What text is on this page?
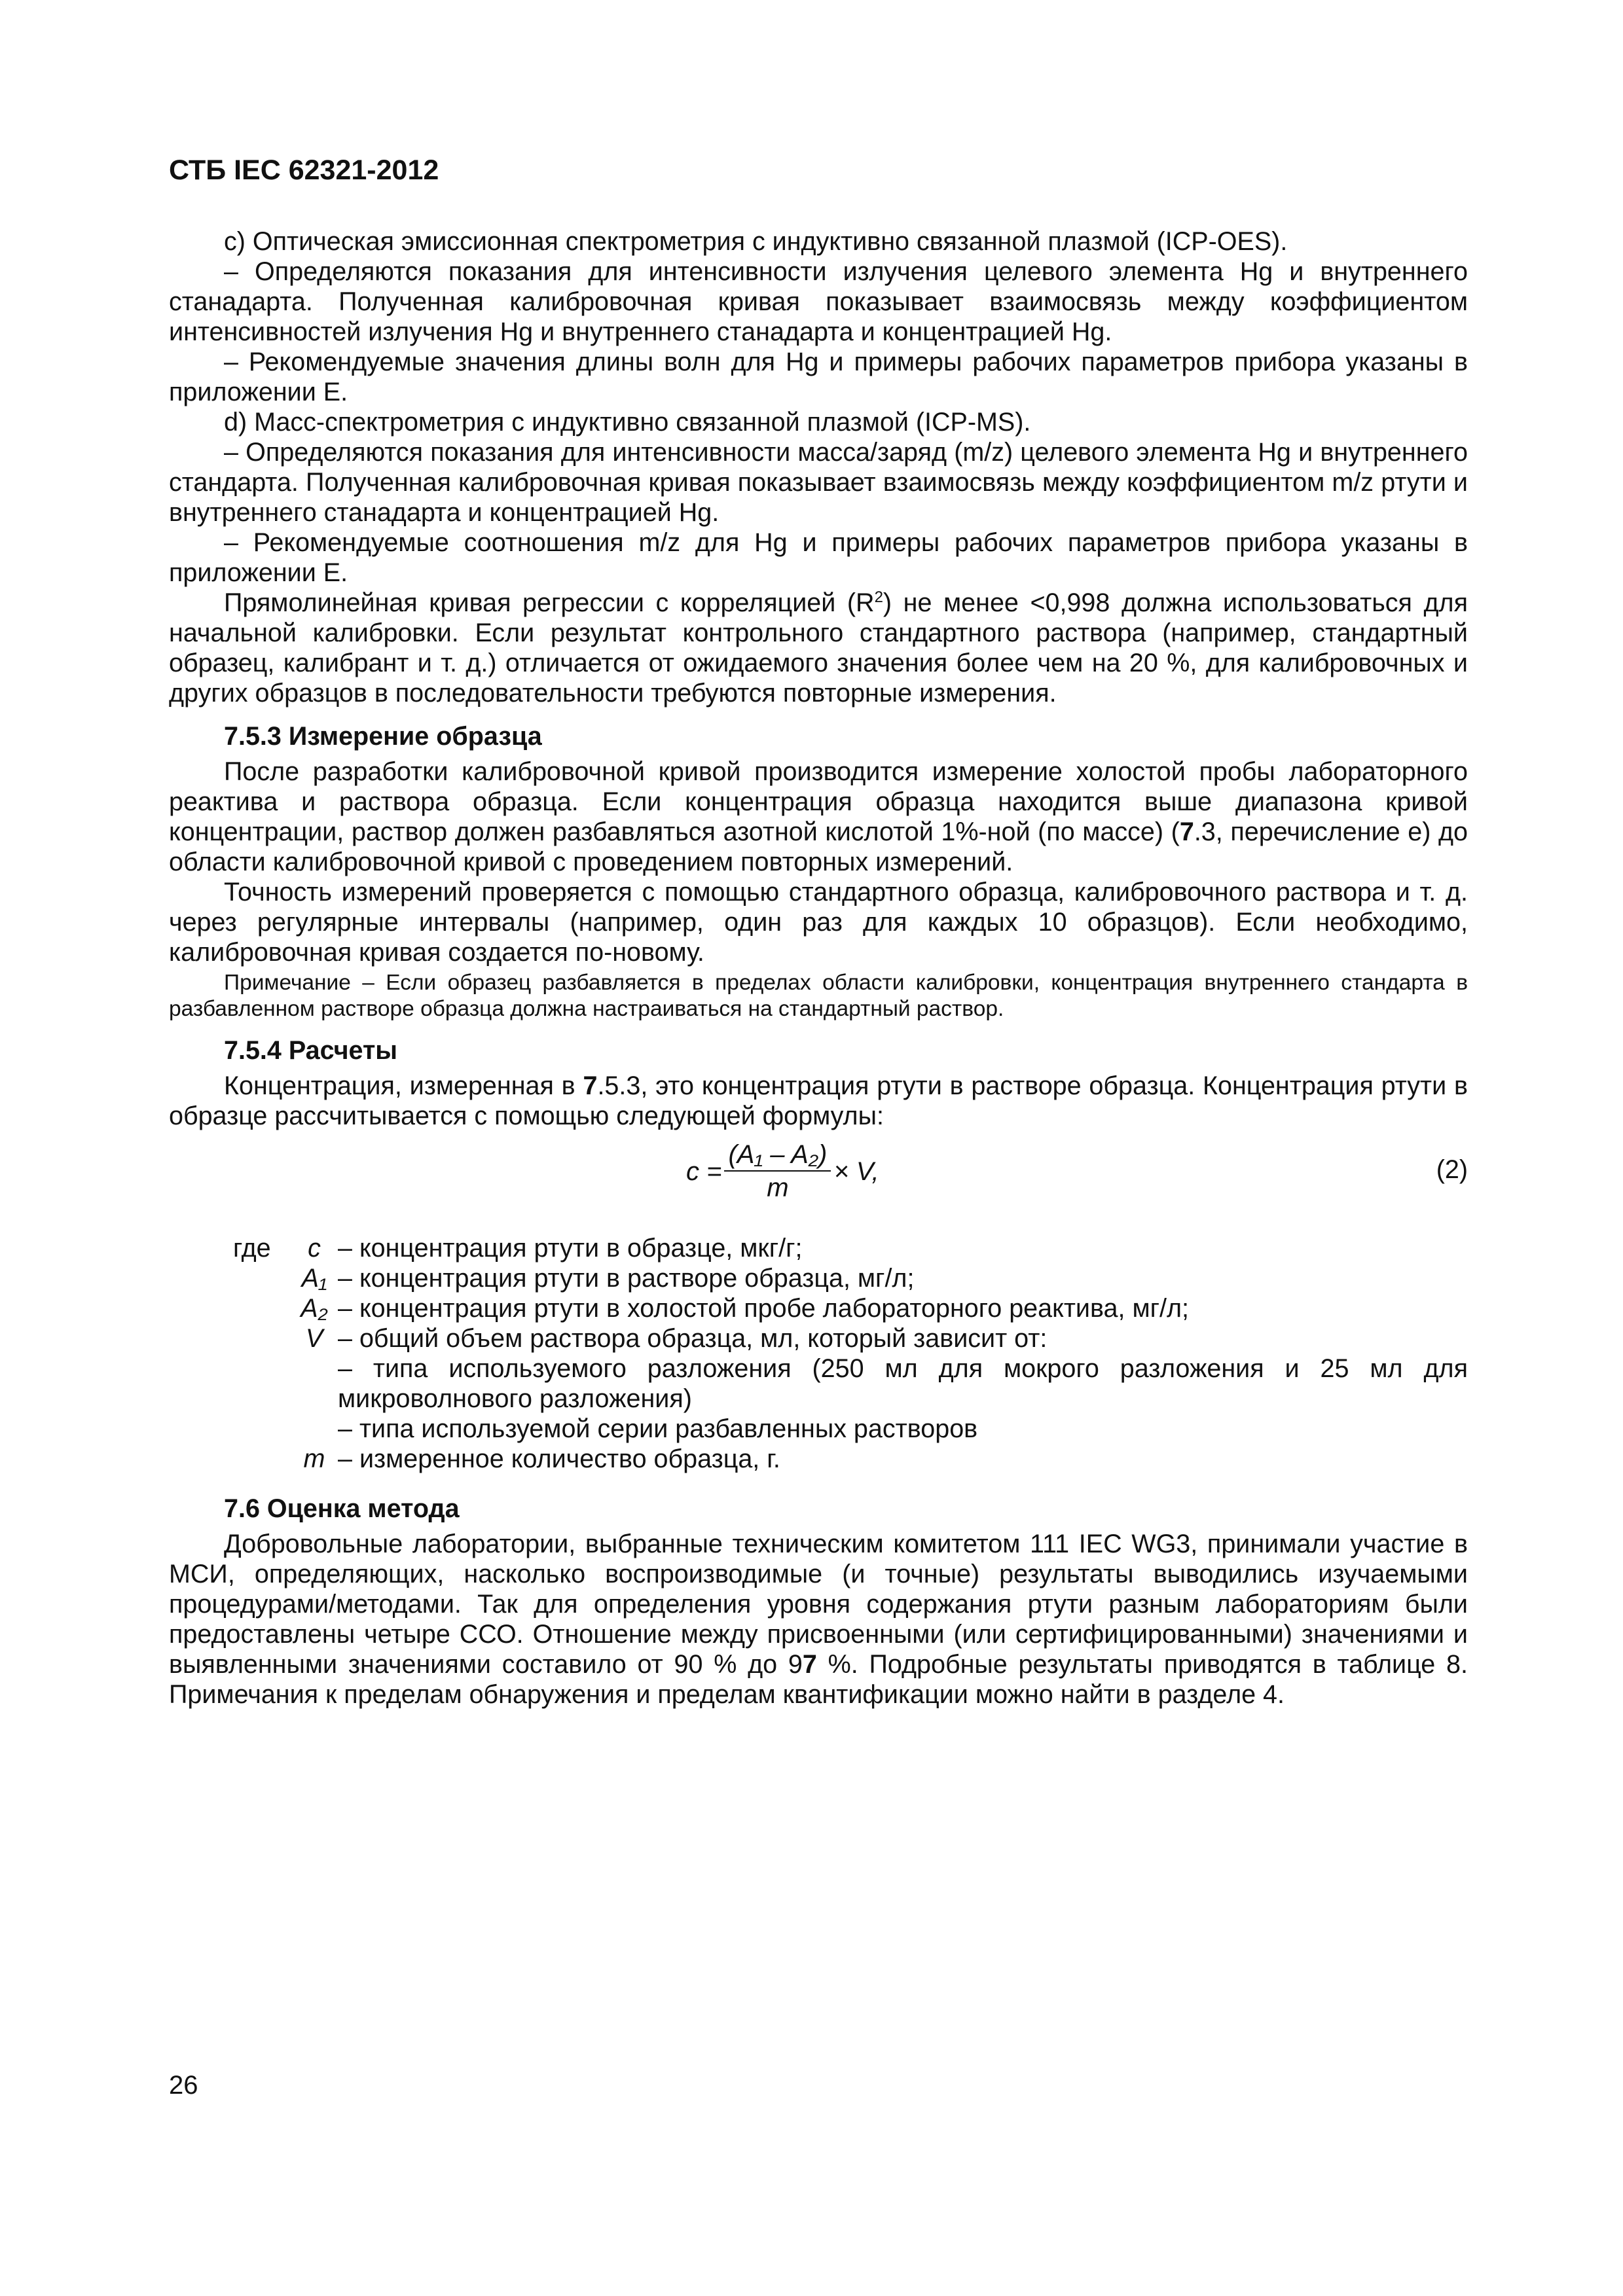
СТБ IEC 62321-2012

c) Оптическая эмиссионная спектрометрия с индуктивно связанной плазмой (ICP-OES).

– Определяются показания для интенсивности излучения целевого элемента Hg и внутреннего станадарта. Полученная калибровочная кривая показывает взаимосвязь между коэффициентом интенсивностей излучения Hg и внутреннего станадарта и концентрацией Hg.

– Рекомендуемые значения длины волн для Hg и примеры рабочих параметров прибора указаны в приложении E.

d) Масс-спектрометрия с индуктивно связанной плазмой (ICP-MS).

– Определяются показания для интенсивности масса/заряд (m/z) целевого элемента Hg и внутреннего стандарта. Полученная калибровочная кривая показывает взаимосвязь между коэффициентом m/z ртути и внутреннего станадарта и концентрацией Hg.

– Рекомендуемые соотношения m/z для Hg и примеры рабочих параметров прибора указаны в приложении E.

Прямолинейная кривая регрессии с корреляцией $(R^2)$ не менее <0,998 должна использоваться для начальной калибровки. Если результат контрольного стандартного раствора (например, стандартный образец, калибрант и т. д.) отличается от ожидаемого значения более чем на 20 %, для калибровочных и других образцов в последовательности требуются повторные измерения.

7.5.3 Измерение образца

После разработки калибровочной кривой производится измерение холостой пробы лабораторного реактива и раствора образца. Если концентрация образца находится выше диапазона кривой концентрации, раствор должен разбавляться азотной кислотой 1%-ной (по массе) (7.3, перечисление e) до области калибровочной кривой с проведением повторных измерений.

Точность измерений проверяется с помощью стандартного образца, калибровочного раствора и т. д. через регулярные интервалы (например, один раз для каждых 10 образцов). Если необходимо, калибровочная кривая создается по-новому.

Примечание – Если образец разбавляется в пределах области калибровки, концентрация внутреннего стандарта в разбавленном растворе образца должна настраиваться на стандартный раствор.
7.5.4 Расчеты

Концентрация, измеренная в 7.5.3, это концентрация ртути в растворе образца. Концентрация ртути в образце рассчитывается с помощью следующей формулы:

$c = \frac{\text{(A₁ – A₂)}}{m} \times V$,	(2)
где	c – концентрация ртути в образце, мкг/г;
A₁ – концентрация ртути в растворе образца, мг/л;
A₂ – концентрация ртути в холостой пробе лабораторного реактива, мг/л;
V – общий объем раствора образца, мл, который зависит от:
– типа используемого разложения (250 мл для мокрого разложения и 25 мл для микроволнового разложения)
– типа используемой серии разбавленных растворов
m – измеренное количество образца, г.
7.6 Оценка метода

Добровольные лаборатории, выбранные техническим комитетом 111 IEC WG3, принимали участие в МСИ, определяющих, насколько воспроизводимые (и точные) результаты выводились изучаемыми процедурами/методами. Так для определения уровня содержания ртути разным лабораториям были предоставлены четыре ССО. Отношение между присвоенными (или сертифицированными) значениями и выявленными значениями составило от 90 % до 97 %. Подробные результаты приводятся в таблице 8. Примечания к пределам обнаружения и пределам квантификации можно найти в разделе 4.

26
